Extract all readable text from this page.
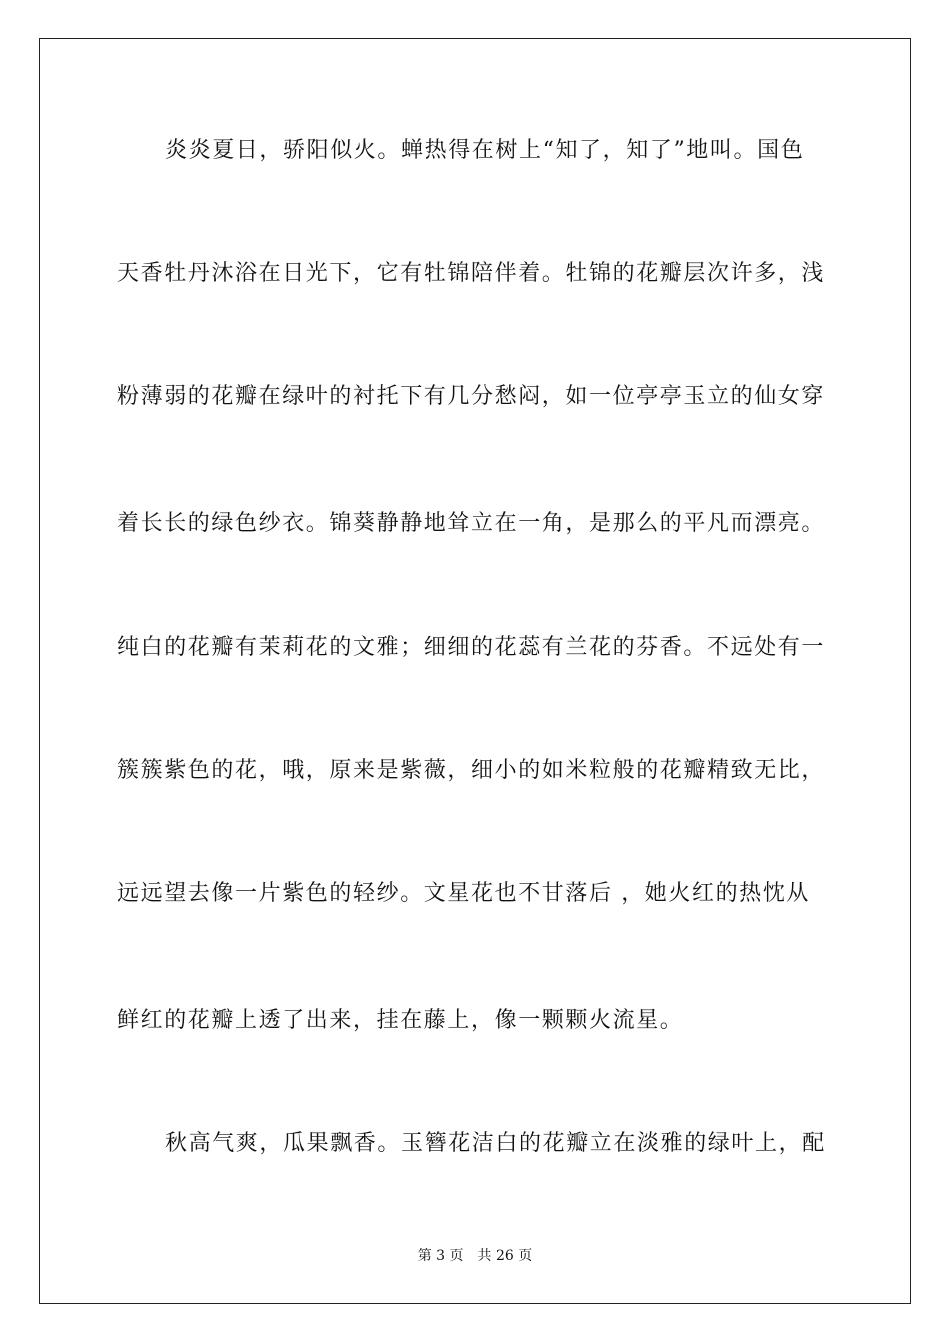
炎炎夏日，骄阳似火。蝉热得在树上“知了，知了”地叫。国色
天香牡丹沐浴在日光下，它有牡锦陪伴着。牡锦的花瓣层次许多，浅
粉薄弱的花瓣在绿叶的衬托下有几分愁闷，如一位亭亭玉立的仙女穿
着长长的绿色纱衣。锦葵静静地耸立在一角，是那么的平凡而漂亮。
纯白的花瓣有茉莉花的文雅；细细的花蕊有兰花的芬香。不远处有一
簇簇紫色的花，哦，原来是紫薇，细小的如米粒般的花瓣精致无比，
远远望去像一片紫色的轻纱。文星花也不甘落后 ，她火红的热忱从
鲜红的花瓣上透了出来，挂在藤上，像一颗颗火流星。
秋高气爽，瓜果飘香。玉簪花洁白的花瓣立在淡雅的绿叶上，配
第 3 页 共 26 页
